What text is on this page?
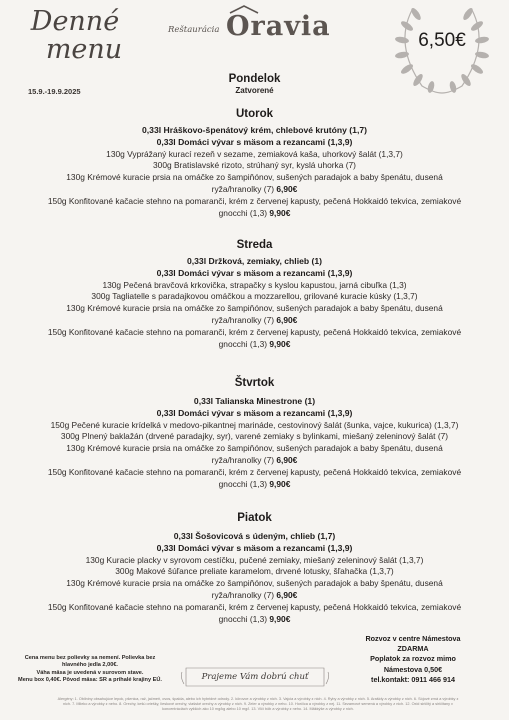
Denné
menu
15.9.-19.9.2025
Reštaurácia Oravia	6,50€
Pondelok
Zatvorené
Utorok
0,33l Hráškovo-špenátový krém, chlebové krutóny (1,7)
0,33l Domáci vývar s mäsom a rezancami (1,3,9)
130g Vyprážaný kurací rezeň v sezame, zemiaková kaša, uhorkový šalát (1,3,7)
300g Bratislavské rizoto, strúhaný syr, kyslá uhorka (7)
130g Krémové kuracie prsia na omáčke zo šampiňónov, sušených paradajok a baby špenátu, dusená
ryža/hranolky (7) 6,90€
150g Konfitované kačacie stehno na pomaranči, krém z červenej kapusty, pečená Hokkaidó tekvica, zemiakové
gnocchi (1,3) 9,90€
Streda
0,33l Držková, zemiaky, chlieb (1)
0,33l Domáci vývar s mäsom a rezancami (1,3,9)
130g Pečená bravčová krkovička, strapačky s kyslou kapustou, jarná cibuľka (1,3)
300g Tagliatelle s paradajkovou omáčkou a mozzarellou, grilované kuracie kúsky (1,3,7)
130g Krémové kuracie prsia na omáčke zo šampiňónov, sušených paradajok a baby špenátu, dusená
ryža/hranolky (7) 6,90€
150g Konfitované kačacie stehno na pomaranči, krém z červenej kapusty, pečená Hokkaidó tekvica, zemiakové
gnocchi (1,3) 9,90€
Štvrtok
0,33l Talianska Minestrone (1)
0,33l Domáci vývar s mäsom a rezancami (1,3,9)
150g Pečené kuracie krídelká v medovo-pikantnej marináde, cestovinový šalát (šunka, vajce, kukurica) (1,3,7)
300g Plnený baklažán (drvené paradajky, syr), varené zemiaky s bylinkami, miešaný zeleninový šalát (7)
130g Krémové kuracie prsia na omáčke zo šampiňónov, sušených paradajok a baby špenátu, dusená
ryža/hranolky (7) 6,90€
150g Konfitované kačacie stehno na pomaranči, krém z červenej kapusty, pečená Hokkaidó tekvica, zemiakové
gnocchi (1,3) 9,90€
Piatok
0,33l Šošovicová s údeným, chlieb (1,7)
0,33l Domáci vývar s mäsom a rezancami (1,3,9)
130g Kuracie placky v syrovom cestíčku, pučené zemiaky, miešaný zeleninový šalát (1,3,7)
300g Makové šúľance preliate karamelom, drvené lotusky, šľahačka (1,3,7)
130g Krémové kuracie prsia na omáčke zo šampiňónov, sušených paradajok a baby špenátu, dusená
ryža/hranolky (7) 6,90€
150g Konfitované kačacie stehno na pomaranči, krém z červenej kapusty, pečená Hokkaidó tekvica, zemiakové
gnocchi (1,3) 9,90€
Cena menu bez polievky sa nemení. Polievka bez
hlavného jedla 2,00€.
Váha mäsa je uvedená v surovom stave.
Menu box 0,40€. Pôvod mäsa: SR a prihalé krajiny EÚ.	Prajeme Vám dobrú chuť
Rozvoz v centre Námestova
ZDARMA
Poplatok za rozvoz mimo
Námestova 0,50€
tel.kontakt: 0911 466 914
Alergény: 1. Obilniny obsahujúce lepok, pšenica, raž, jačmeň, ovos, špalda, alebo ich hybridné odrody. 2. kôrovce a výrobky z nich. 3. Vajcia a výrobky z nich. 4. Ryby a výrobky z nich. 5. Arašidy a výrobky z nich. 6. Sójové zrná a výrobky z nich. 7. Mlieko a výrobky z neho. 8. Orechy, kešú oriešky, lieskové orechy, vlašské orechy a výrobky z nich. 9. Zeler a výrobky z neho. 10. Horčica a výrobky z nej. 11. Sezamové semená a výrobky z nich. 12. Oxid siričitý a siričitany v koncentráciách vyšších ako 10 mg/kg alebo 10 mg/l. 13. Vlčí bôb a výrobky z neho. 14. Mäkkýše a výrobky z nich.
